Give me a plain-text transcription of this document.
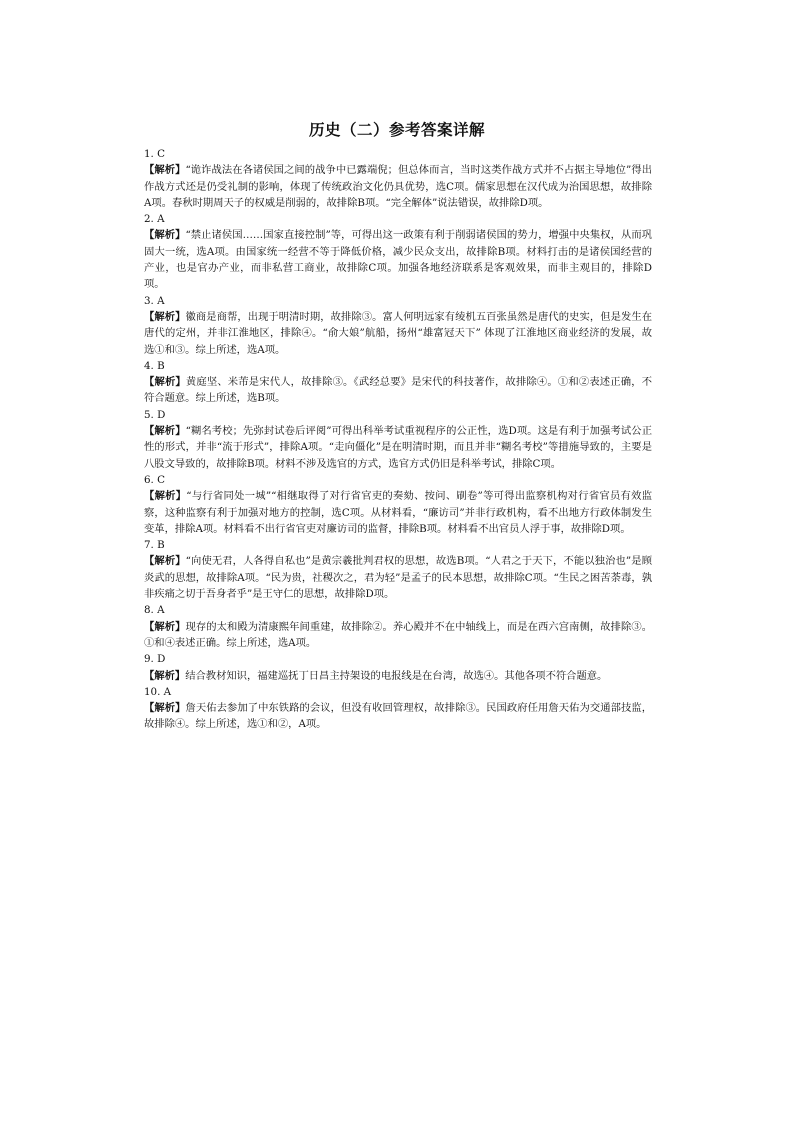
历史（二）参考答案详解

1. C

【解析】“诡诈战法在各诸侯国之间的战争中已露端倪；但总体而言，当时这类作战方式并不占据主导地位”得出作战方式还是仍受礼制的影响，体现了传统政治文化仍具优势，选C项。儒家思想在汉代成为治国思想，故排除A项。春秋时期周天子的权威是削弱的，故排除B项。“完全解体”说法错误，故排除D项。

2. A

【解析】“禁止诸侯国……国家直接控制”等，可得出这一政策有利于削弱诸侯国的势力，增强中央集权，从而巩固大一统，选A项。由国家统一经营不等于降低价格，减少民众支出，故排除B项。材料打击的是诸侯国经营的产业，也是官办产业，而非私营工商业，故排除C项。加强各地经济联系是客观效果，而非主观目的，排除D项。

3. A

【解析】徽商是商帮，出现于明清时期，故排除③。富人何明远家有绫机五百张虽然是唐代的史实，但是发生在唐代的定州，并非江淮地区，排除④。“俞大娘”航船，扬州“雄富冠天下” 体现了江淮地区商业经济的发展，故选①和③。综上所述，选A项。

4. B

【解析】黄庭坚、米芾是宋代人，故排除③。《武经总要》是宋代的科技著作，故排除④。①和②表述正确，不符合题意。综上所述，选B项。

5. D

【解析】“糊名考校；先弥封试卷后评阅”可得出科举考试重视程序的公正性，选D项。这是有利于加强考试公正性的形式，并非“流于形式”，排除A项。“走向僵化”是在明清时期，而且并非“糊名考校”等措施导致的，主要是八股文导致的，故排除B项。材料不涉及选官的方式，选官方式仍旧是科举考试，排除C项。

6. C

【解析】“与行省同处一城”“相继取得了对行省官吏的奏劾、按问、刷卷”等可得出监察机构对行省官员有效监察，这种监察有利于加强对地方的控制，选C项。从材料看，“廉访司”并非行政机构，看不出地方行政体制发生变革，排除A项。材料看不出行省官吏对廉访司的监督，排除B项。材料看不出官员人浮于事，故排除D项。

7. B

【解析】“向使无君，人各得自私也”是黄宗羲批判君权的思想，故选B项。“人君之于天下，不能以独治也”是顾炎武的思想，故排除A项。“民为贵，社稷次之，君为轻”是孟子的民本思想，故排除C项。“生民之困苦荼毒，孰非疾痛之切于吾身者乎”是王守仁的思想，故排除D项。

8. A

【解析】现存的太和殿为清康熙年间重建，故排除②。养心殿并不在中轴线上，而是在西六宫南侧，故排除③。①和④表述正确。综上所述，选A项。

9. D

【解析】结合教材知识，福建巡抚丁日昌主持架设的电报线是在台湾，故选④。其他各项不符合题意。

10. A

【解析】詹天佑去参加了中东铁路的会议，但没有收回管理权，故排除③。民国政府任用詹天佑为交通部技监，故排除④。综上所述，选①和②，A项。
